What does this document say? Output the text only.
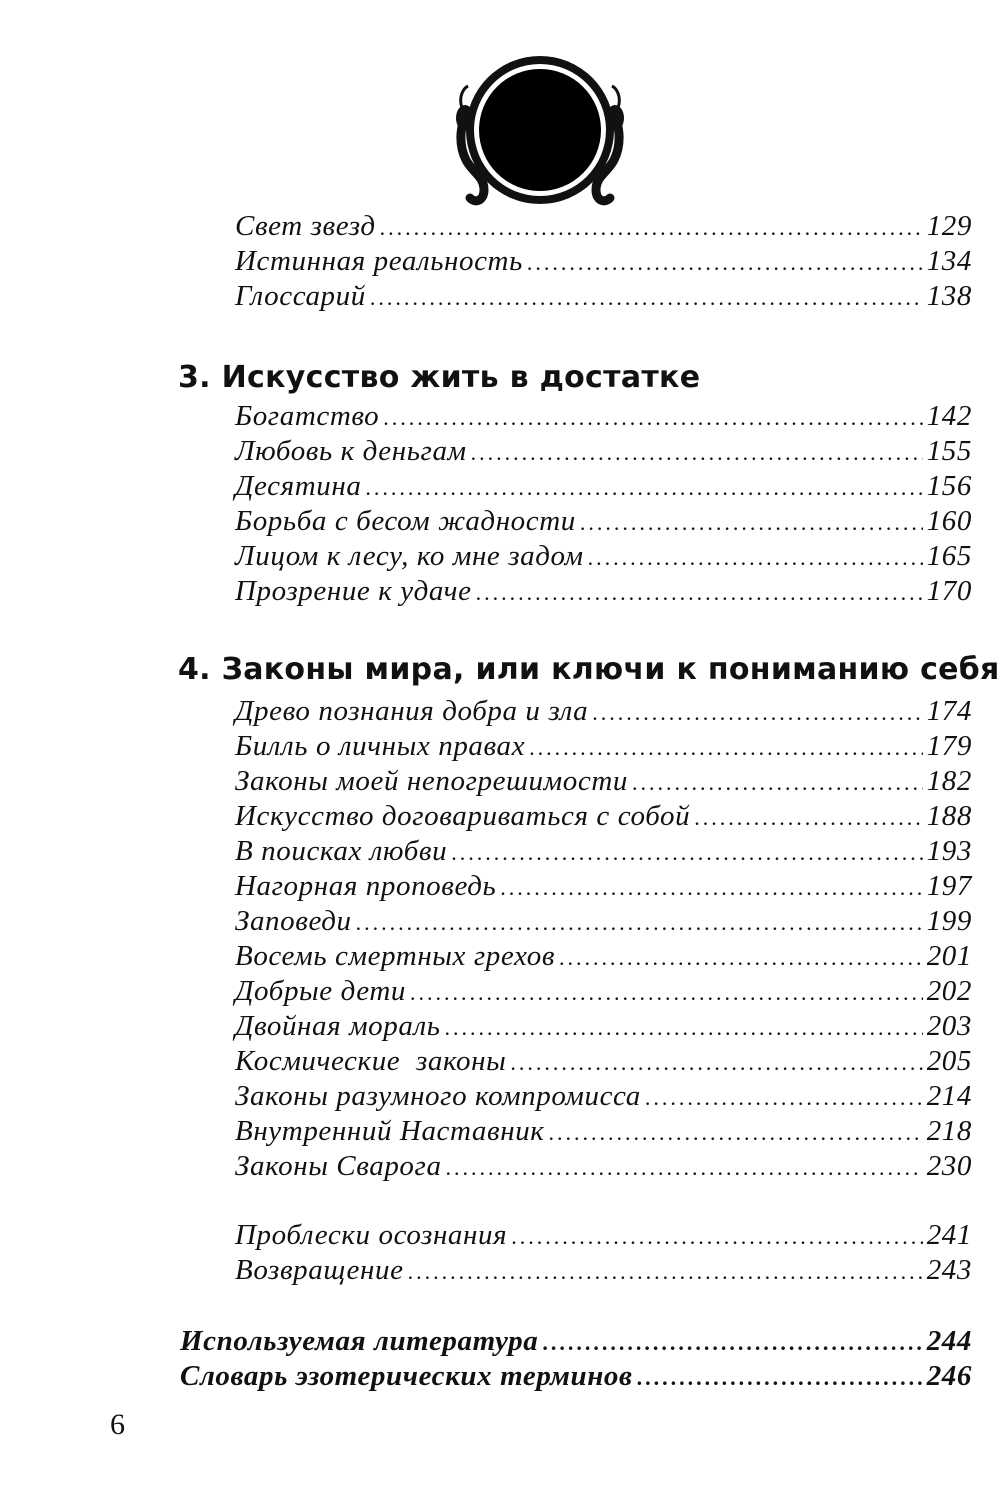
Свет звезд .....	129
Истинная реальность .....	134
Глоссарий .....	138
3. Искусство жить в достатке
Богатство .....	142
Любовь к деньгам .....	155
Десятина .....	156
Борьба с бесом жадности .....	160
Лицом к лесу, ко мне задом .....	165
Прозрение к удаче .....	170
4. Законы мира, или ключи к пониманию себя
Древо познания добра и зла .....	174
Билль о личных правах .....	179
Законы моей непогрешимости .....	182
Искусство договариваться с собой .....	188
В поисках любви .....	193
Нагорная проповедь .....	197
Заповеди .....	199
Восемь смертных грехов .....	201
Добрые дети .....	202
Двойная мораль .....	203
Космические  законы .....	205
Законы разумного компромисса .....	214
Внутренний Наставник .....	218
Законы Сварога .....	230
Проблески осознания .....	241
Возвращение .....	243
Используемая литература .....	244
Словарь эзотерических терминов .....	246
6
